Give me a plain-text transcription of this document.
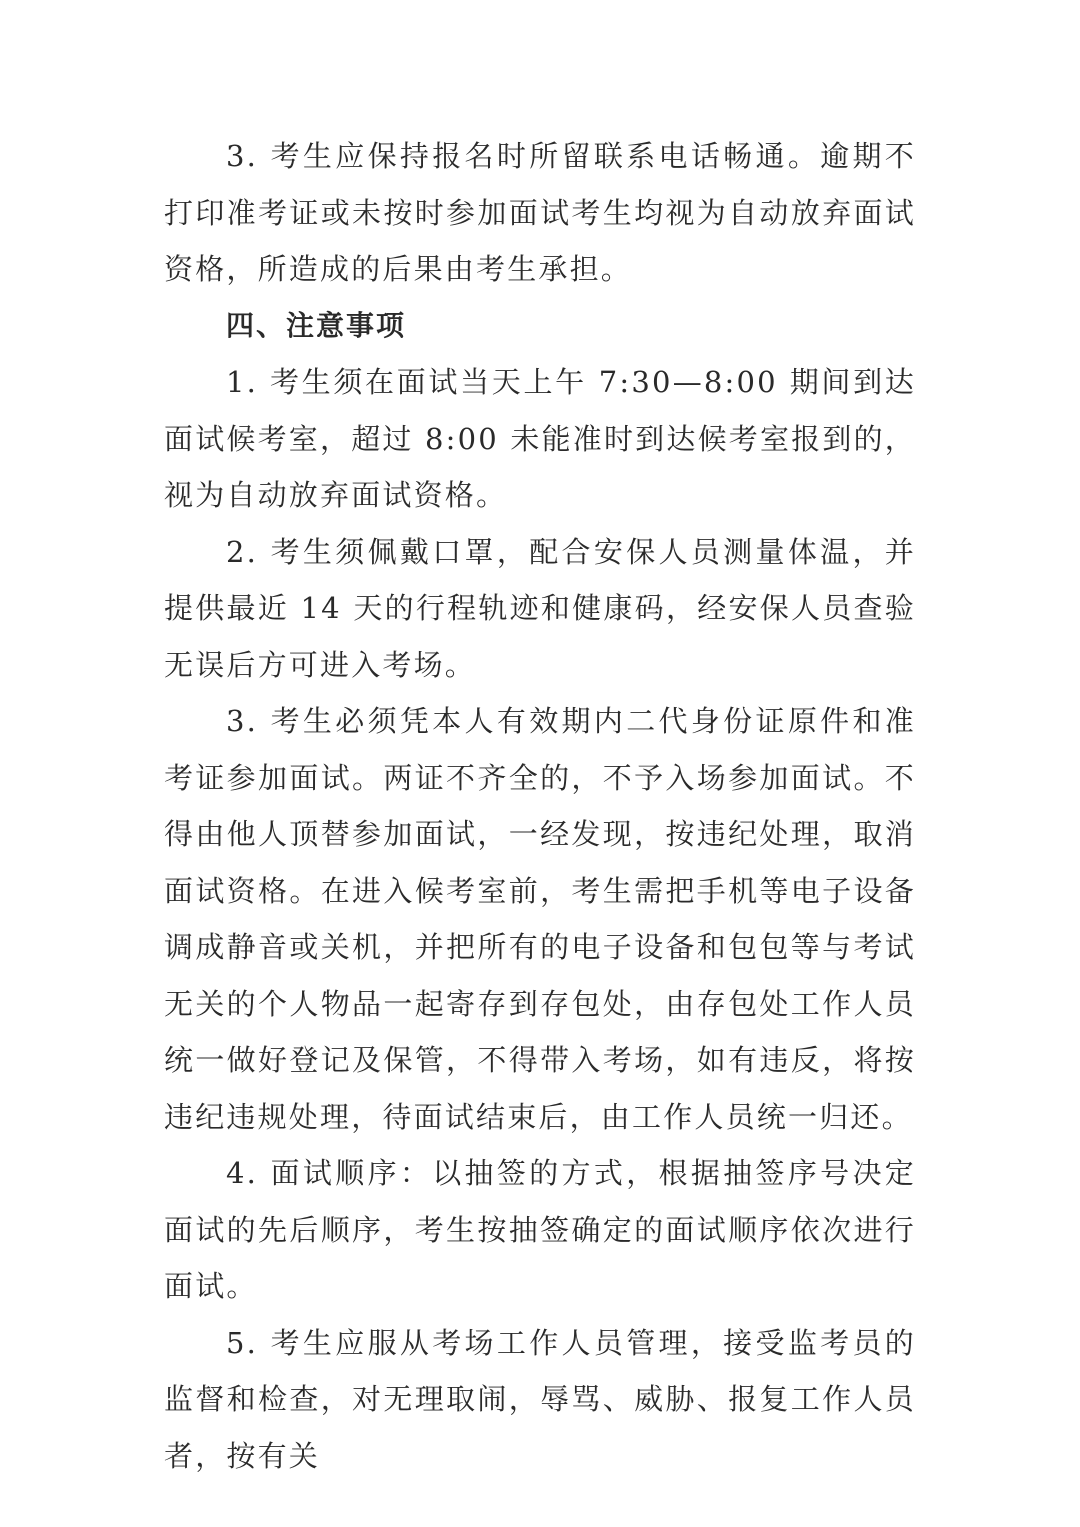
3. 考生应保持报名时所留联系电话畅通。逾期不打印准考证或未按时参加面试考生均视为自动放弃面试资格，所造成的后果由考生承担。

四、注意事项

1. 考生须在面试当天上午 7:30—8:00 期间到达面试候考室，超过 8:00 未能准时到达候考室报到的，视为自动放弃面试资格。

2. 考生须佩戴口罩，配合安保人员测量体温，并提供最近 14 天的行程轨迹和健康码，经安保人员查验无误后方可进入考场。

3. 考生必须凭本人有效期内二代身份证原件和准考证参加面试。两证不齐全的，不予入场参加面试。不得由他人顶替参加面试，一经发现，按违纪处理，取消面试资格。在进入候考室前，考生需把手机等电子设备调成静音或关机，并把所有的电子设备和包包等与考试无关的个人物品一起寄存到存包处，由存包处工作人员统一做好登记及保管，不得带入考场，如有违反，将按违纪违规处理，待面试结束后，由工作人员统一归还。

4. 面试顺序：以抽签的方式，根据抽签序号决定面试的先后顺序，考生按抽签确定的面试顺序依次进行面试。

5. 考生应服从考场工作人员管理，接受监考员的监督和检查，对无理取闹，辱骂、威胁、报复工作人员者，按有关
